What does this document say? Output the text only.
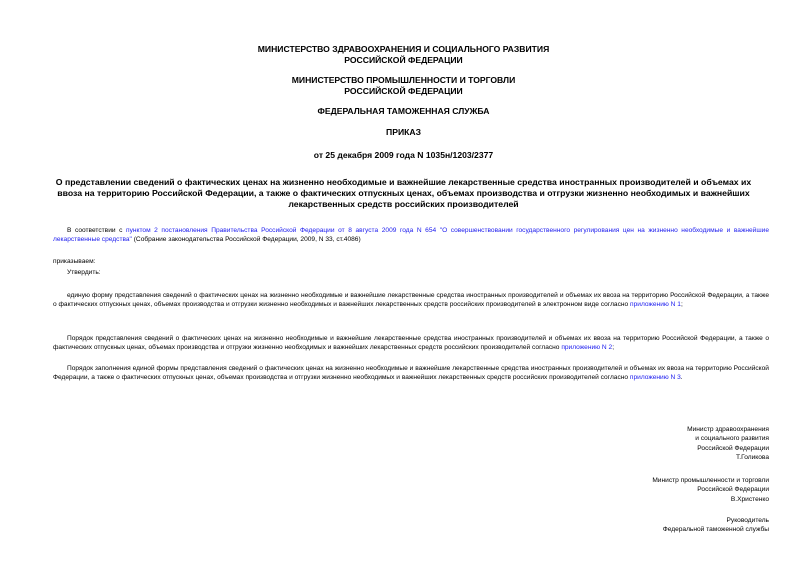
МИНИСТЕРСТВО ЗДРАВООХРАНЕНИЯ И СОЦИАЛЬНОГО РАЗВИТИЯ
РОССИЙСКОЙ ФЕДЕРАЦИИ
МИНИСТЕРСТВО ПРОМЫШЛЕННОСТИ И ТОРГОВЛИ
РОССИЙСКОЙ ФЕДЕРАЦИИ
ФЕДЕРАЛЬНАЯ ТАМОЖЕННАЯ СЛУЖБА
ПРИКАЗ
от 25 декабря 2009 года N 1035н/1203/2377
О представлении сведений о фактических ценах на жизненно необходимые и важнейшие лекарственные средства иностранных производителей и объемах их ввоза на территорию Российской Федерации, а также о фактических отпускных ценах, объемах производства и отгрузки жизненно необходимых и важнейших лекарственных средств российских производителей
В соответствии с пунктом 2 постановления Правительства Российской Федерации от 8 августа 2009 года N 654 "О совершенствовании государственного регулирования цен на жизненно необходимые и важнейшие лекарственные средства" (Собрание законодательства Российской Федерации, 2009, N 33, ст.4086)
приказываем:
Утвердить:
единую форму представления сведений о фактических ценах на жизненно необходимые и важнейшие лекарственные средства иностранных производителей и объемах их ввоза на территорию Российской Федерации, а также о фактических отпускных ценах, объемах производства и отгрузки жизненно необходимых и важнейших лекарственных средств российских производителей в электронном виде согласно приложению N 1;
Порядок представления сведений о фактических ценах на жизненно необходимые и важнейшие лекарственные средства иностранных производителей и объемах их ввоза на территорию Российской Федерации, а также о фактических отпускных ценах, объемах производства и отгрузки жизненно необходимых и важнейших лекарственных средств российских производителей согласно приложению N 2;
Порядок заполнения единой формы представления сведений о фактических ценах на жизненно необходимые и важнейшие лекарственные средства иностранных производителей и объемах их ввоза на территорию Российской Федерации, а также о фактических отпускных ценах, объемах производства и отгрузки жизненно необходимых и важнейших лекарственных средств российских производителей согласно приложению N 3.
Министр здравоохранения
и социального развития
Российской Федерации
Т.Голикова
Министр промышленности и торговли
Российской Федерации
В.Христенко
Руководитель
Федеральной таможенной службы
